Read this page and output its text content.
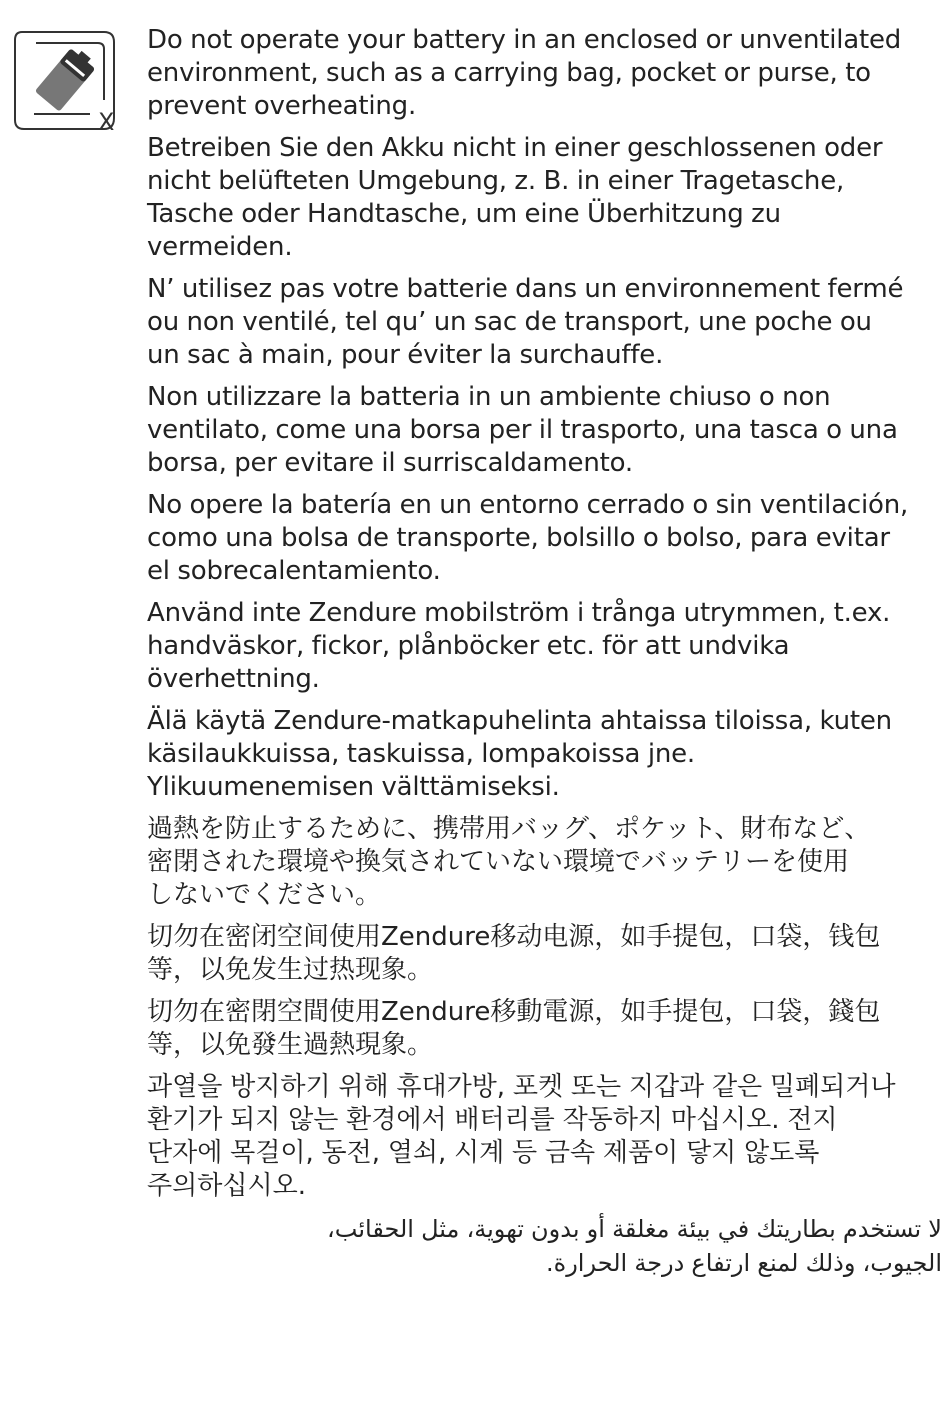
X

Do not operate your battery in an enclosed or unventilated
environment, such as a carrying bag, pocket or purse, to
prevent overheating.

Betreiben Sie den Akku nicht in einer geschlossenen oder
nicht belüfteten Umgebung, z. B. in einer Tragetasche,
Tasche oder Handtasche, um eine Überhitzung zu
vermeiden.

N’ utilisez pas votre batterie dans un environnement fermé
ou non ventilé, tel qu’ un sac de transport, une poche ou
un sac à main, pour éviter la surchauffe.

Non utilizzare la batteria in un ambiente chiuso o non
ventilato, come una borsa per il trasporto, una tasca o una
borsa, per evitare il surriscaldamento.

No opere la batería en un entorno cerrado o sin ventilación,
como una bolsa de transporte, bolsillo o bolso, para evitar
el sobrecalentamiento.

Använd inte Zendure mobilström i trånga utrymmen, t.ex.
handväskor, fickor, plånböcker etc. för att undvika
överhettning.

Älä käytä Zendure-matkapuhelinta ahtaissa tiloissa, kuten
käsilaukkuissa, taskuissa, lompakoissa jne.
Ylikuumenemisen välttämiseksi.

過熱を防止するために、携帯用バッグ、ポケット、財布など、
密閉された環境や換気されていない環境でバッテリーを使用
しないでください。

切勿在密闭空间使用Zendure移动电源，如手提包，口袋，钱包
等，以免发生过热现象。

切勿在密閉空間使用Zendure移動電源，如手提包，口袋，錢包
等，以免發生過熱現象。

과열을 방지하기 위해 휴대가방, 포켓 또는 지갑과 같은 밀폐되거나
환기가 되지 않는 환경에서 배터리를 작동하지 마십시오. 전지
단자에 목걸이, 동전, 열쇠, 시계 등 금속 제품이 닿지 않도록
주의하십시오.

لا تستخدم بطاريتك في بيئة مغلقة أو بدون تهوية، مثل الحقائب،
الجيوب، وذلك لمنع ارتفاع درجة الحرارة.
